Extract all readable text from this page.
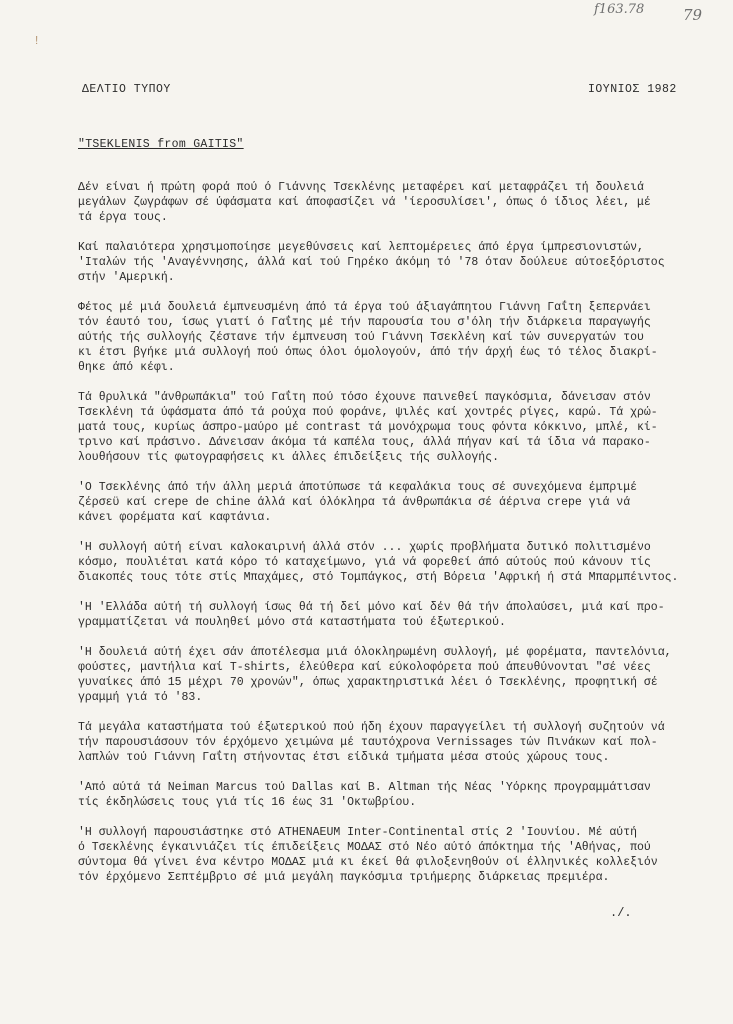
f163.78	79
!
ΔΕΛΤΙΟ ΤΥΠΟΥ	ΙΟΥΝΙΟΣ 1982
"TSEKLENIS from GAITIS"
Δέν είναι ή πρώτη φορά πού ό Γιάννης Τσεκλένης μεταφέρει καί μεταφράζει τή δουλειά
μεγάλων ζωγράφων σέ ύφάσματα καί άποφασίζει νά 'ίεροσυλίσει', όπως ό ίδιος λέει, μέ
τά έργα τους.
Καί παλαιότερα χρησιμοποίησε μεγεθύνσεις καί λεπτομέρειες άπό έργα ίμπρεσιονιστών,
'Ιταλών τής 'Αναγέννησης, άλλά καί τού Γηρέκο άκόμη τό '78 όταν δούλευε αύτοεξόριστος
στήν 'Αμερική.
Φέτος μέ μιά δουλειά έμπνευσμένη άπό τά έργα τού άξιαγάπητου Γιάννη Γαΐτη ξεπερνάει
τόν έαυτό του, ίσως γιατί ό Γαΐτης μέ τήν παρουσία του σ'όλη τήν διάρκεια παραγωγής
αύτής τής συλλογής ζέστανε τήν έμπνευση τού Γιάννη Τσεκλένη καί τών συνεργατών του
κι έτσι βγήκε μιά συλλογή πού όπως όλοι όμολογούν, άπό τήν άρχή έως τό τέλος διακρί-
θηκε άπό κέφι.
Τά θρυλικά "άνθρωπάκια" τού Γαΐτη πού τόσο έχουνε παινεθεί παγκόσμια, δάνεισαν στόν
Τσεκλένη τά ύφάσματα άπό τά ρούχα πού φοράνε, ψιλές καί χοντρές ρίγες, καρώ. Τά χρώ-
ματά τους, κυρίως άσπρο-μαύρο μέ contrast τά μονόχρωμα τους φόντα κόκκινο, μπλέ, κί-
τρινο καί πράσινο. Δάνεισαν άκόμα τά καπέλα τους, άλλά πήγαν καί τά ίδια νά παρακο-
λουθήσουν τίς φωτογραφήσεις κι άλλες έπιδείξεις τής συλλογής.
'Ο Τσεκλένης άπό τήν άλλη μεριά άποτύπωσε τά κεφαλάκια τους σέ συνεχόμενα έμπριμέ
ζέρσεϋ καί crepe de chine άλλά καί όλόκληρα τά άνθρωπάκια σέ άέρινα crepe γιά νά
κάνει φορέματα καί καφτάνια.
'Η συλλογή αύτή είναι καλοκαιρινή άλλά στόν ... χωρίς προβλήματα δυτικό πολιτισμένο
κόσμο, πουλιέται κατά κόρο τό καταχείμωνο, γιά νά φορεθεί άπό αύτούς πού κάνουν τίς
διακοπές τους τότε στίς Μπαχάμες, στό Τομπάγκος, στή Βόρεια 'Αφρική ή στά Μπαρμπέιντος.
'Η 'Ελλάδα αύτή τή συλλογή ίσως θά τή δεί μόνο καί δέν θά τήν άπολαύσει, μιά καί προ-
γραμματίζεται νά πουληθεί μόνο στά καταστήματα τού έξωτερικού.
'Η δουλειά αύτή έχει σάν άποτέλεσμα μιά όλοκληρωμένη συλλογή, μέ φορέματα, παντελόνια,
φούστες, μαντήλια καί T-shirts, έλεύθερα καί εύκολοφόρετα πού άπευθύνονται "σέ νέες
γυναίκες άπό 15 μέχρι 70 χρονών", όπως χαρακτηριστικά λέει ό Τσεκλένης, προφητική σέ
γραμμή γιά τό '83.
Τά μεγάλα καταστήματα τού έξωτερικού πού ήδη έχουν παραγγείλει τή συλλογή συζητούν νά
τήν παρουσιάσουν τόν έρχόμενο χειμώνα μέ ταυτόχρονα Vernissages τών Πινάκων καί πολ-
λαπλών τού Γιάννη Γαΐτη στήνοντας έτσι είδικά τμήματα μέσα στούς χώρους τους.
'Από αύτά τά Neiman Marcus τού Dallas καί B. Altman τής Νέας 'Υόρκης προγραμμάτισαν
τίς έκδηλώσεις τους γιά τίς 16 έως 31 'Οκτωβρίου.
'Η συλλογή παρουσιάστηκε στό ATHENAEUM Inter-Continental στίς 2 'Ιουνίου. Μέ αύτή
ό Τσεκλένης έγκαινιάζει τίς έπιδείξεις ΜΟΔΑΣ στό Νέο αύτό άπόκτημα τής 'Αθήνας, πού
σύντομα θά γίνει ένα κέντρο ΜΟΔΑΣ μιά κι έκεί θά φιλοξενηθούν οί έλληνικές κολλεξιόν
τόν έρχόμενο Σεπτέμβριο σέ μιά μεγάλη παγκόσμια τριήμερης διάρκειας πρεμιέρα.
./.
